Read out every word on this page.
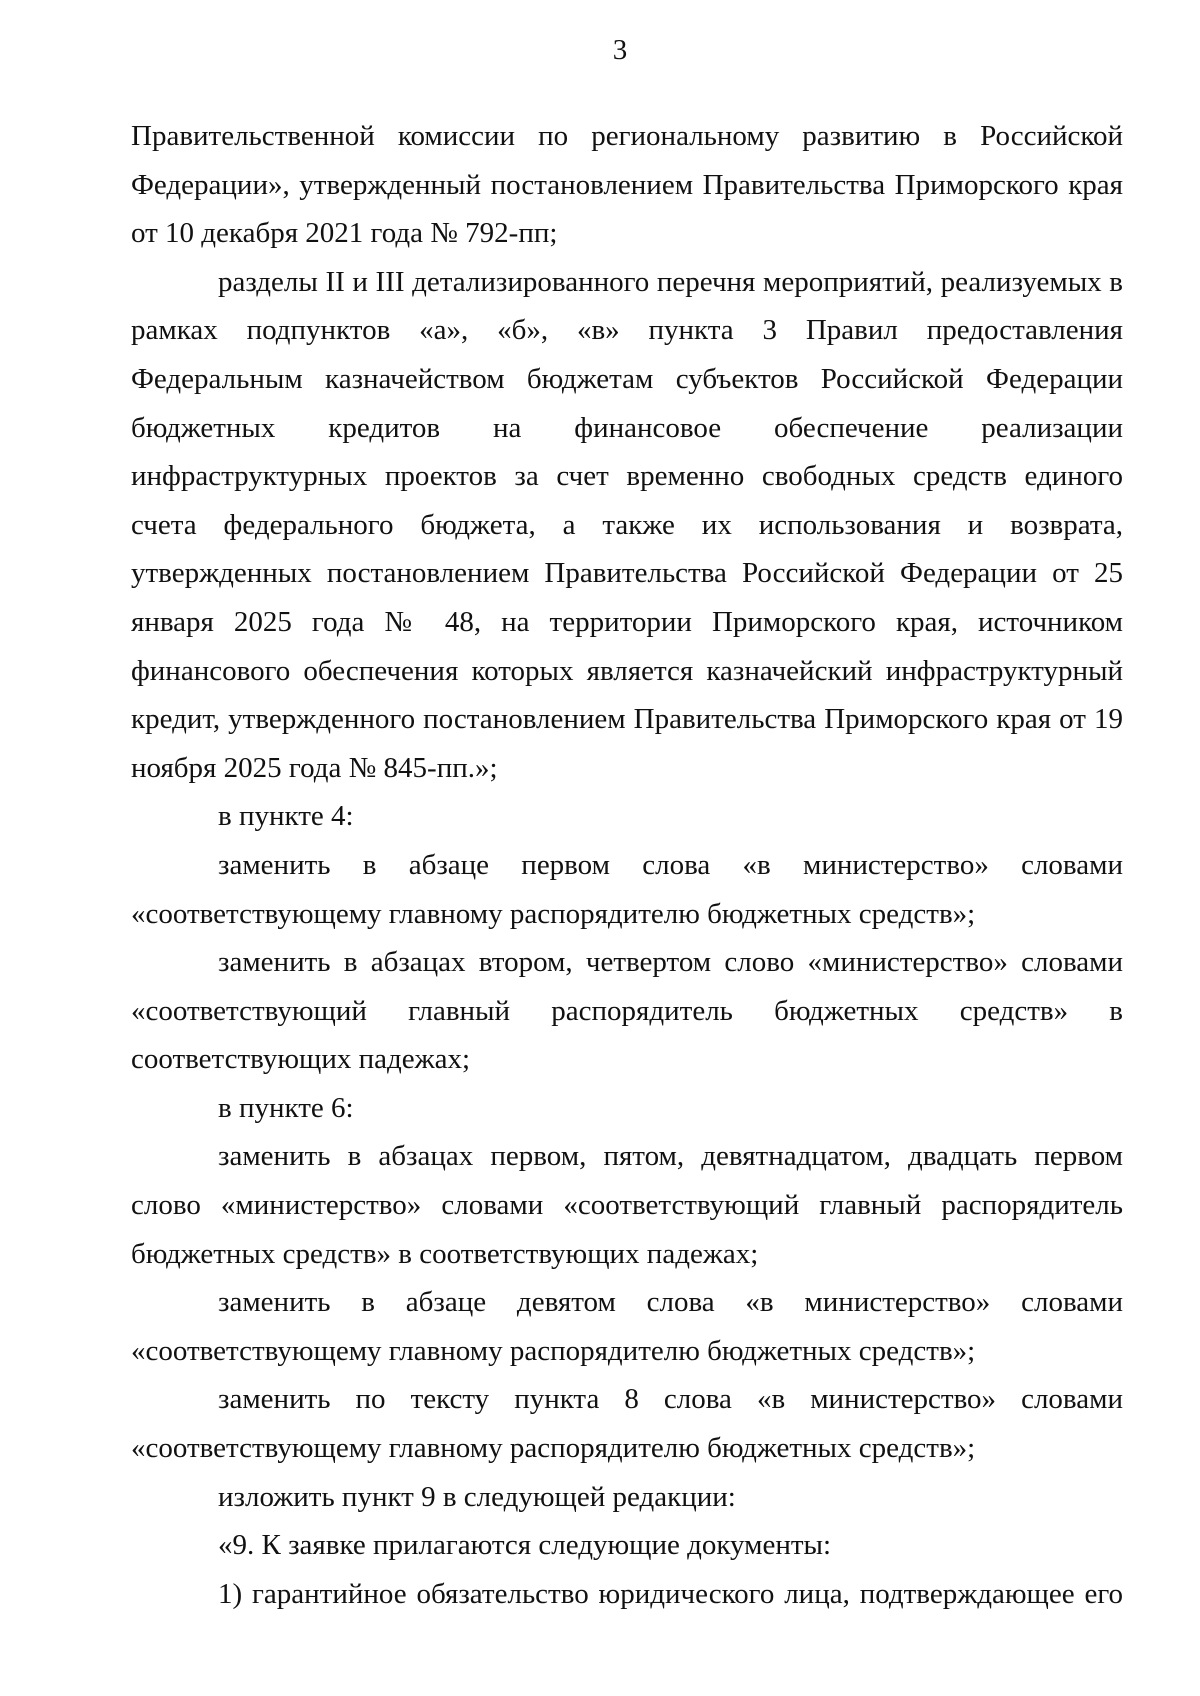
3

Правительственной комиссии по региональному развитию в Российской Федерации», утвержденный постановлением Правительства Приморского края от 10 декабря 2021 года № 792-пп;

разделы II и III детализированного перечня мероприятий, реализуемых в рамках подпунктов «а», «б», «в» пункта 3 Правил предоставления Федеральным казначейством бюджетам субъектов Российской Федерации бюджетных кредитов на финансовое обеспечение реализации инфраструктурных проектов за счет временно свободных средств единого счета федерального бюджета, а также их использования и возврата, утвержденных постановлением Правительства Российской Федерации от 25 января 2025 года № 48, на территории Приморского края, источником финансового обеспечения которых является казначейский инфраструктурный кредит, утвержденного постановлением Правительства Приморского края от 19 ноября 2025 года № 845-пп.»;

в пункте 4:

заменить в абзаце первом слова «в министерство» словами «соответствующему главному распорядителю бюджетных средств»;

заменить в абзацах втором, четвертом слово «министерство» словами «соответствующий главный распорядитель бюджетных средств» в соответствующих падежах;

в пункте 6:

заменить в абзацах первом, пятом, девятнадцатом, двадцать первом слово «министерство» словами «соответствующий главный распорядитель бюджетных средств» в соответствующих падежах;

заменить в абзаце девятом слова «в министерство» словами «соответствующему главному распорядителю бюджетных средств»;

заменить по тексту пункта 8 слова «в министерство» словами «соответствующему главному распорядителю бюджетных средств»;

изложить пункт 9 в следующей редакции:

«9. К заявке прилагаются следующие документы:

1) гарантийное обязательство юридического лица, подтверждающее его
